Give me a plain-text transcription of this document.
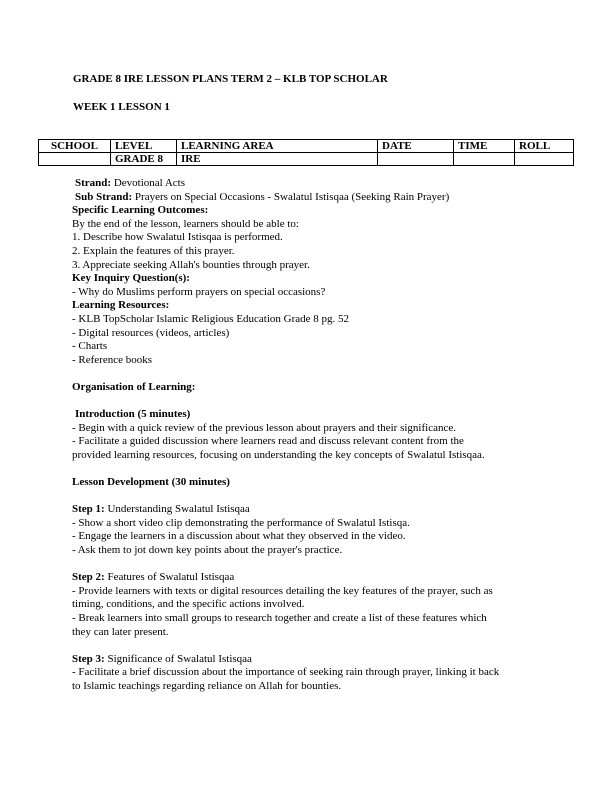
GRADE 8 IRE LESSON PLANS TERM 2 – KLB TOP SCHOLAR
WEEK 1 LESSON 1
SCHOOL	LEVEL	LEARNING AREA	DATE	TIME	ROLL
	GRADE 8	IRE			
Strand: Devotional Acts
Sub Strand: Prayers on Special Occasions - Swalatul Istisqaa (Seeking Rain Prayer)
Specific Learning Outcomes:
By the end of the lesson, learners should be able to:
1. Describe how Swalatul Istisqaa is performed.
2. Explain the features of this prayer.
3. Appreciate seeking Allah's bounties through prayer.
Key Inquiry Question(s):
- Why do Muslims perform prayers on special occasions?
Learning Resources:
- KLB TopScholar Islamic Religious Education Grade 8 pg. 52
- Digital resources (videos, articles)
- Charts
- Reference books
Organisation of Learning:
Introduction (5 minutes)
- Begin with a quick review of the previous lesson about prayers and their significance.
- Facilitate a guided discussion where learners read and discuss relevant content from the
provided learning resources, focusing on understanding the key concepts of Swalatul Istisqaa.
Lesson Development (30 minutes)
Step 1: Understanding Swalatul Istisqaa
- Show a short video clip demonstrating the performance of Swalatul Istisqa.
- Engage the learners in a discussion about what they observed in the video.
- Ask them to jot down key points about the prayer's practice.
Step 2: Features of Swalatul Istisqaa
- Provide learners with texts or digital resources detailing the key features of the prayer, such as
timing, conditions, and the specific actions involved.
- Break learners into small groups to research together and create a list of these features which
they can later present.
Step 3: Significance of Swalatul Istisqaa
- Facilitate a brief discussion about the importance of seeking rain through prayer, linking it back
to Islamic teachings regarding reliance on Allah for bounties.
